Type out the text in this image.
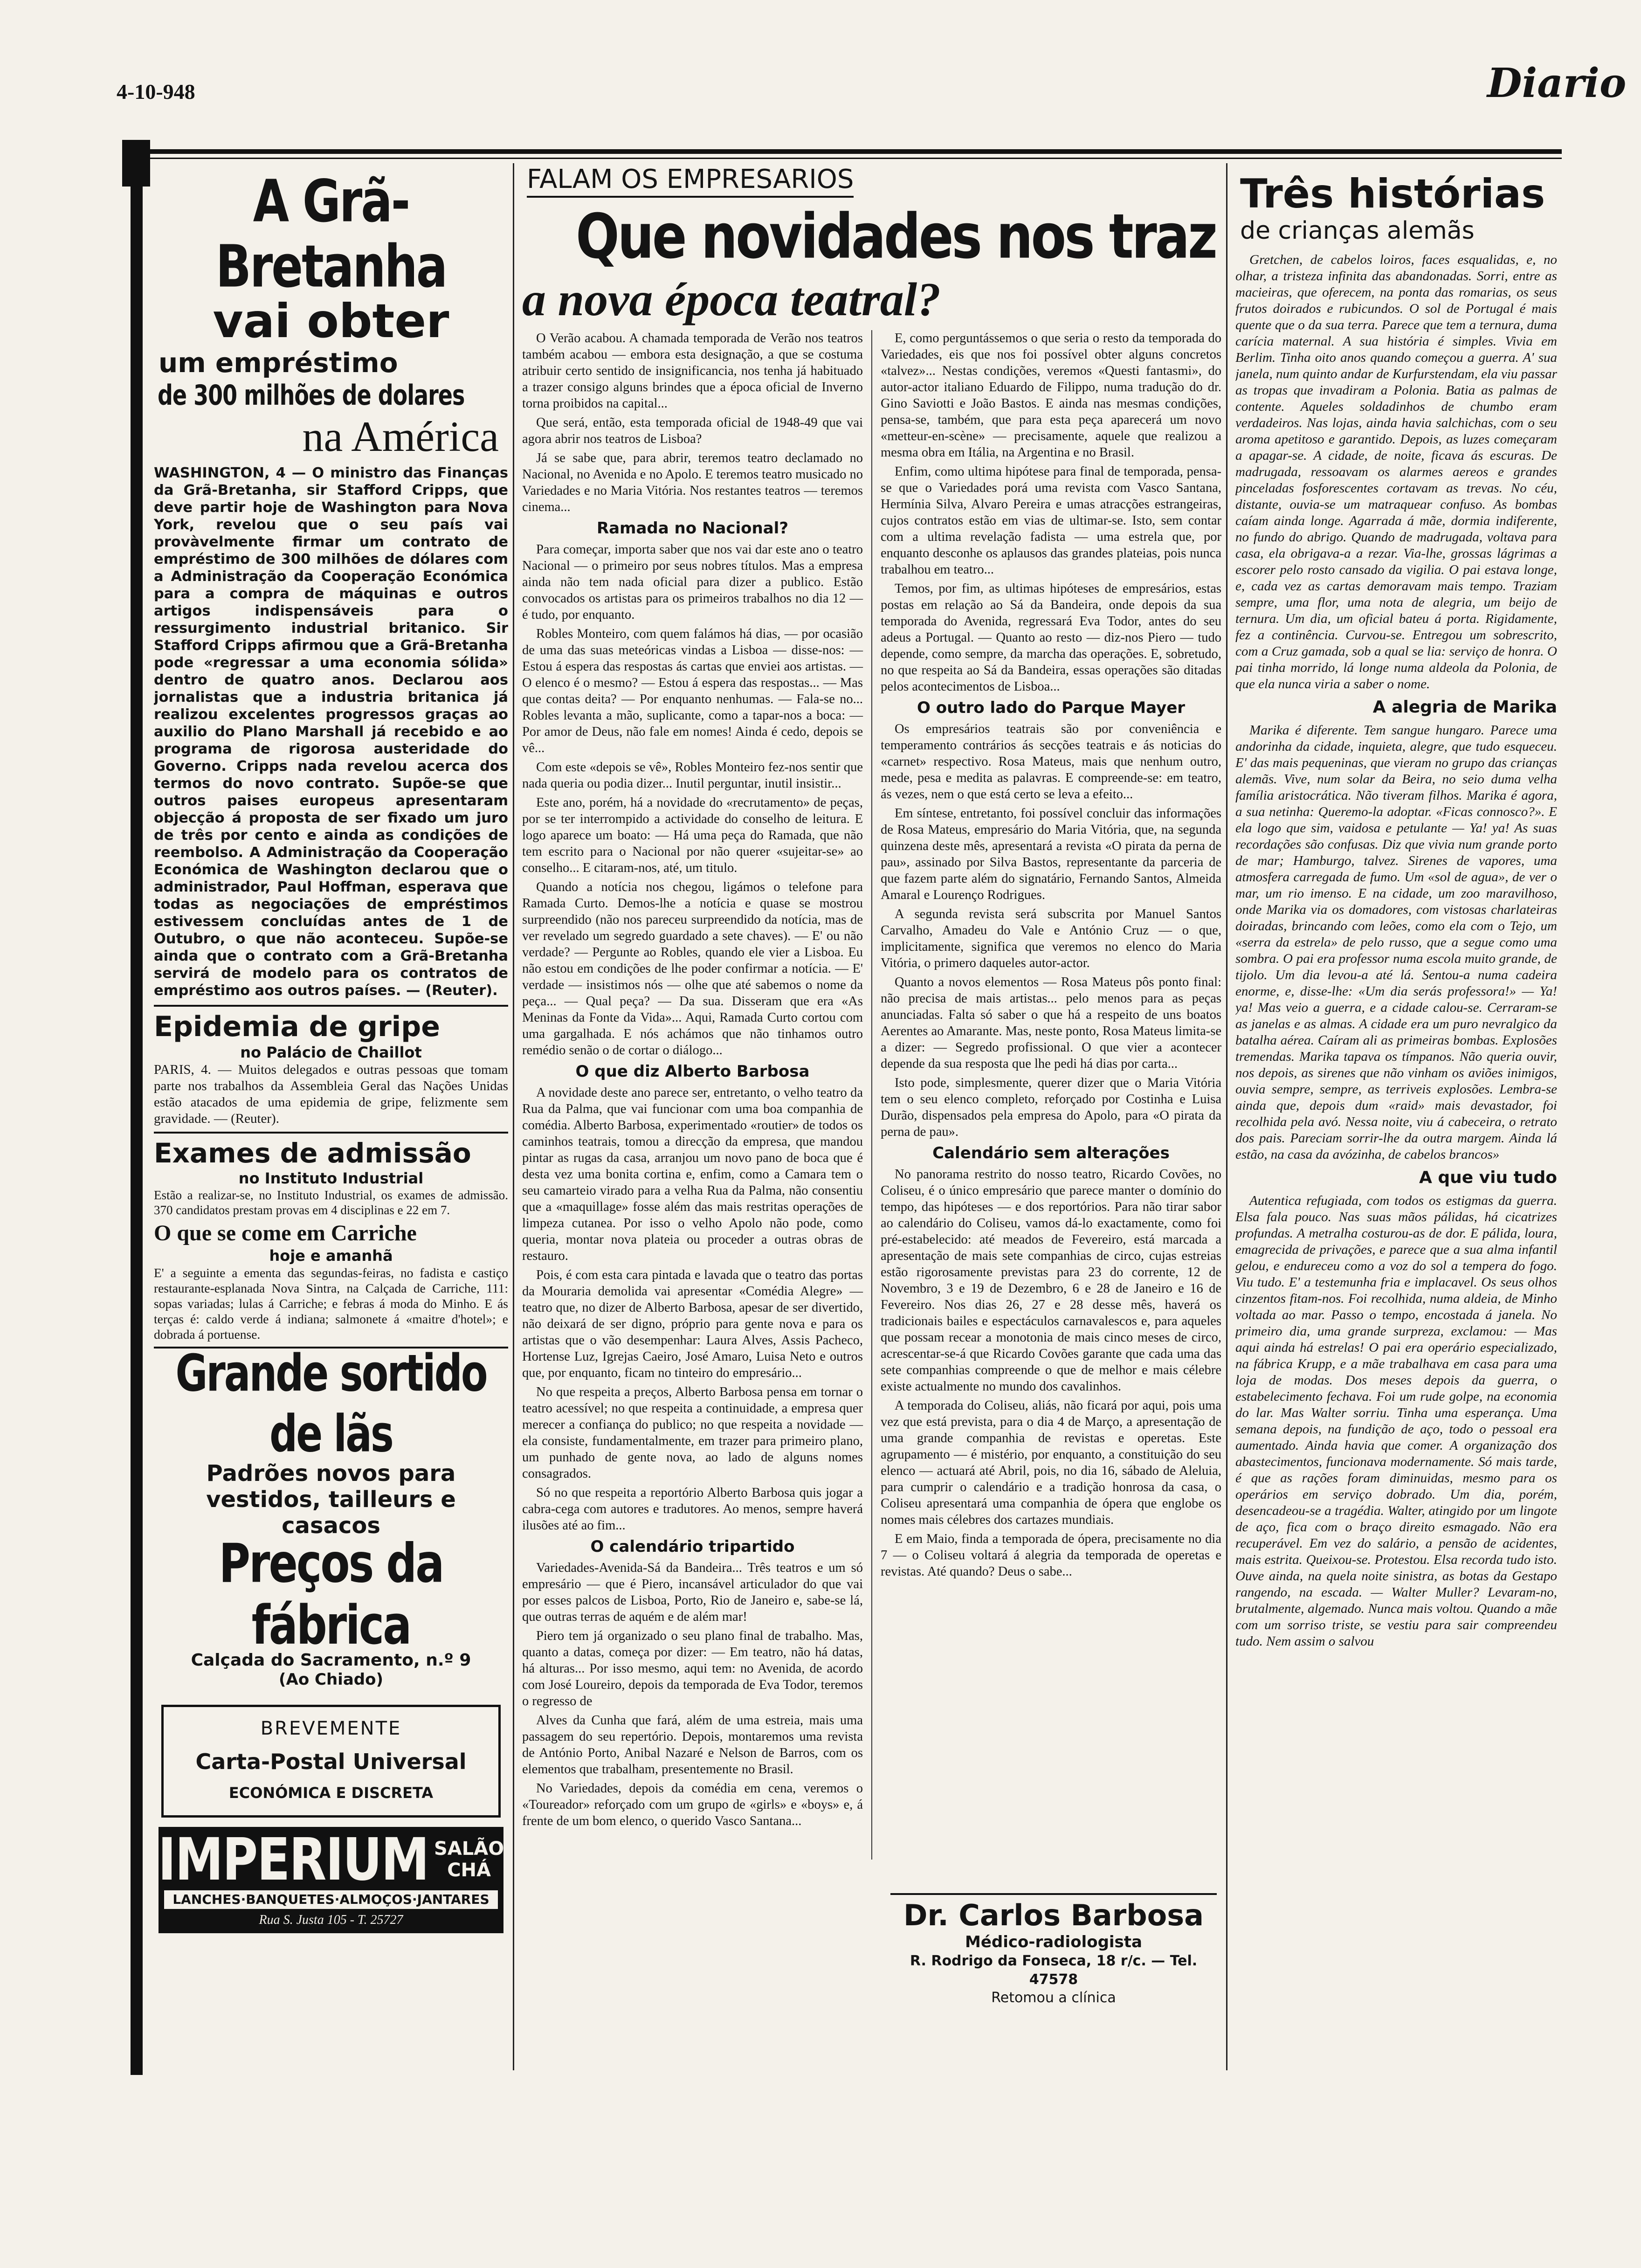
4-10-948	Diario
A Grã-Bretanha
vai obter
um empréstimo
de 300 milhões de dolares
na América

WASHINGTON, 4 — O ministro das Finanças da Grã-Bretanha, sir Stafford Cripps, que deve partir hoje de Washington para Nova York, revelou que o seu país vai provàvelmente firmar um contrato de empréstimo de 300 milhões de dólares com a Administração da Cooperação Económica para a compra de máquinas e outros artigos indispensáveis para o ressurgimento industrial britanico. Sir Stafford Cripps afirmou que a Grã-Bretanha pode «regressar a uma economia sólida» dentro de quatro anos. Declarou aos jornalistas que a industria britanica já realizou excelentes progressos graças ao auxilio do Plano Marshall já recebido e ao programa de rigorosa austeridade do Governo. Cripps nada revelou acerca dos termos do novo contrato. Supõe-se que outros paises europeus apresentaram objecção á proposta de ser fixado um juro de três por cento e ainda as condições de reembolso. A Administração da Cooperação Económica de Washington declarou que o administrador, Paul Hoffman, esperava que todas as negociações de empréstimos estivessem concluídas antes de 1 de Outubro, o que não aconteceu. Supõe-se ainda que o contrato com a Grã-Bretanha servirá de modelo para os contratos de empréstimo aos outros países. — (Reuter).

Epidemia de gripe
no Palácio de Chaillot

PARIS, 4. — Muitos delegados e outras pessoas que tomam parte nos trabalhos da Assembleia Geral das Nações Unidas estão atacados de uma epidemia de gripe, felizmente sem gravidade. — (Reuter).

Exames de admissão
no Instituto Industrial

Estão a realizar-se, no Instituto Industrial, os exames de admissão. 370 candidatos prestam provas em 4 disciplinas e 22 em 7.

O que se come em Carriche
hoje e amanhã

E' a seguinte a ementa das segundas-feiras, no fadista e castiço restaurante-esplanada Nova Sintra, na Calçada de Carriche, 111: sopas variadas; lulas á Carriche; e febras á moda do Minho. E ás terças é: caldo verde á indiana; salmonete á «maitre d'hotel»; e dobrada á portuense.

Grande sortido de lãs
Padrões novos para vestidos, tailleurs e casacos
Preços da fábrica
Calçada do Sacramento, n.º 9
(Ao Chiado)
BREVEMENTE
Carta-Postal Universal
ECONÓMICA E DISCRETA
IMPERIUM SALÃO
CHÁ
LANCHES·BANQUETES·ALMOÇOS·JANTARES
Rua S. Justa 105 - T. 25727
FALAM OS EMPRESARIOS
Que novidades nos traz
a nova época teatral?

O Verão acabou. A chamada temporada de Verão nos teatros também acabou — embora esta designação, a que se costuma atribuir certo sentido de insignificancia, nos tenha já habituado a trazer consigo alguns brindes que a época oficial de Inverno torna proibidos na capital...

Que será, então, esta temporada oficial de 1948-49 que vai agora abrir nos teatros de Lisboa?

Já se sabe que, para abrir, teremos teatro declamado no Nacional, no Avenida e no Apolo. E teremos teatro musicado no Variedades e no Maria Vitória. Nos restantes teatros — teremos cinema...

Ramada no Nacional?

Para começar, importa saber que nos vai dar este ano o teatro Nacional — o primeiro por seus nobres títulos. Mas a empresa ainda não tem nada oficial para dizer a publico. Estão convocados os artistas para os primeiros trabalhos no dia 12 — é tudo, por enquanto.

Robles Monteiro, com quem falámos há dias, — por ocasião de uma das suas meteóricas vindas a Lisboa — disse-nos: — Estou á espera das respostas ás cartas que enviei aos artistas. — O elenco é o mesmo? — Estou á espera das respostas... — Mas que contas deita? — Por enquanto nenhumas. — Fala-se no... Robles levanta a mão, suplicante, como a tapar-nos a boca: — Por amor de Deus, não fale em nomes! Ainda é cedo, depois se vê...

Com este «depois se vê», Robles Monteiro fez-nos sentir que nada queria ou podia dizer... Inutil perguntar, inutil insistir...

Este ano, porém, há a novidade do «recrutamento» de peças, por se ter interrompido a actividade do conselho de leitura. E logo aparece um boato: — Há uma peça do Ramada, que não tem escrito para o Nacional por não querer «sujeitar-se» ao conselho... E citaram-nos, até, um titulo.

Quando a notícia nos chegou, ligámos o telefone para Ramada Curto. Demos-lhe a notícia e quase se mostrou surpreendido (não nos pareceu surpreendido da notícia, mas de ver revelado um segredo guardado a sete chaves). — E' ou não verdade? — Pergunte ao Robles, quando ele vier a Lisboa. Eu não estou em condições de lhe poder confirmar a notícia. — E' verdade — insistimos nós — olhe que até sabemos o nome da peça... — Qual peça? — Da sua. Disseram que era «As Meninas da Fonte da Vida»... Aqui, Ramada Curto cortou com uma gargalhada. E nós achámos que não tinhamos outro remédio senão o de cortar o diálogo...

O que diz Alberto Barbosa

A novidade deste ano parece ser, entretanto, o velho teatro da Rua da Palma, que vai funcionar com uma boa companhia de comédia. Alberto Barbosa, experimentado «routier» de todos os caminhos teatrais, tomou a direcção da empresa, que mandou pintar as rugas da casa, arranjou um novo pano de boca que é desta vez uma bonita cortina e, enfim, como a Camara tem o seu camarteio virado para a velha Rua da Palma, não consentiu que a «maquillage» fosse além das mais restritas operações de limpeza cutanea. Por isso o velho Apolo não pode, como queria, montar nova plateia ou proceder a outras obras de restauro.

Pois, é com esta cara pintada e lavada que o teatro das portas da Mouraria demolida vai apresentar «Comédia Alegre» — teatro que, no dizer de Alberto Barbosa, apesar de ser divertido, não deixará de ser digno, próprio para gente nova e para os artistas que o vão desempenhar: Laura Alves, Assis Pacheco, Hortense Luz, Igrejas Caeiro, José Amaro, Luisa Neto e outros que, por enquanto, ficam no tinteiro do empresário...

No que respeita a preços, Alberto Barbosa pensa em tornar o teatro acessível; no que respeita a continuidade, a empresa quer merecer a confiança do publico; no que respeita a novidade — ela consiste, fundamentalmente, em trazer para primeiro plano, um punhado de gente nova, ao lado de alguns nomes consagrados.

Só no que respeita a reportório Alberto Barbosa quis jogar a cabra-cega com autores e tradutores. Ao menos, sempre haverá ilusões até ao fim...

O calendário tripartido

Variedades-Avenida-Sá da Bandeira... Três teatros e um só empresário — que é Piero, incansável articulador do que vai por esses palcos de Lisboa, Porto, Rio de Janeiro e, sabe-se lá, que outras terras de aquém e de além mar!

Piero tem já organizado o seu plano final de trabalho. Mas, quanto a datas, começa por dizer: — Em teatro, não há datas, há alturas... Por isso mesmo, aqui tem: no Avenida, de acordo com José Loureiro, depois da temporada de Eva Todor, teremos o regresso de

Alves da Cunha que fará, além de uma estreia, mais uma passagem do seu repertório. Depois, montaremos uma revista de António Porto, Anibal Nazaré e Nelson de Barros, com os elementos que trabalham, presentemente no Brasil.

No Variedades, depois da comédia em cena, veremos o «Toureador» reforçado com um grupo de «girls» e «boys» e, á frente de um bom elenco, o querido Vasco Santana...

E, como perguntássemos o que seria o resto da temporada do Variedades, eis que nos foi possível obter alguns concretos «talvez»... Nestas condições, veremos «Questi fantasmi», do autor-actor italiano Eduardo de Filippo, numa tradução do dr. Gino Saviotti e João Bastos. E ainda nas mesmas condições, pensa-se, também, que para esta peça aparecerá um novo «metteur-en-scène» — precisamente, aquele que realizou a mesma obra em Itália, na Argentina e no Brasil.

Enfim, como ultima hipótese para final de temporada, pensa-se que o Variedades porá uma revista com Vasco Santana, Hermínia Silva, Alvaro Pereira e umas atracções estrangeiras, cujos contratos estão em vias de ultimar-se. Isto, sem contar com a ultima revelação fadista — uma estrela que, por enquanto desconhe os aplausos das grandes plateias, pois nunca trabalhou em teatro...

Temos, por fim, as ultimas hipóteses de empresários, estas postas em relação ao Sá da Bandeira, onde depois da sua temporada do Avenida, regressará Eva Todor, antes do seu adeus a Portugal. — Quanto ao resto — diz-nos Piero — tudo depende, como sempre, da marcha das operações. E, sobretudo, no que respeita ao Sá da Bandeira, essas operações são ditadas pelos acontecimentos de Lisboa...

O outro lado do Parque Mayer

Os empresários teatrais são por conveniência e temperamento contrários ás secções teatrais e ás noticias do «carnet» respectivo. Rosa Mateus, mais que nenhum outro, mede, pesa e medita as palavras. E compreende-se: em teatro, ás vezes, nem o que está certo se leva a efeito...

Em síntese, entretanto, foi possível concluir das informações de Rosa Mateus, empresário do Maria Vitória, que, na segunda quinzena deste mês, apresentará a revista «O pirata da perna de pau», assinado por Silva Bastos, representante da parceria de que fazem parte além do signatário, Fernando Santos, Almeida Amaral e Lourenço Rodrigues.

A segunda revista será subscrita por Manuel Santos Carvalho, Amadeu do Vale e António Cruz — o que, implicitamente, significa que veremos no elenco do Maria Vitória, o primero daqueles autor-actor.

Quanto a novos elementos — Rosa Mateus pôs ponto final: não precisa de mais artistas... pelo menos para as peças anunciadas. Falta só saber o que há a respeito de uns boatos Aerentes ao Amarante. Mas, neste ponto, Rosa Mateus limita-se a dizer: — Segredo profissional. O que vier a acontecer depende da sua resposta que lhe pedi há dias por carta...

Isto pode, simplesmente, querer dizer que o Maria Vitória tem o seu elenco completo, reforçado por Costinha e Luisa Durão, dispensados pela empresa do Apolo, para «O pirata da perna de pau».

Calendário sem alterações

No panorama restrito do nosso teatro, Ricardo Covões, no Coliseu, é o único empresário que parece manter o domínio do tempo, das hipóteses — e dos reportórios. Para não tirar sabor ao calendário do Coliseu, vamos dá-lo exactamente, como foi pré-estabelecido: até meados de Fevereiro, está marcada a apresentação de mais sete companhias de circo, cujas estreias estão rigorosamente previstas para 23 do corrente, 12 de Novembro, 3 e 19 de Dezembro, 6 e 28 de Janeiro e 16 de Fevereiro. Nos dias 26, 27 e 28 desse mês, haverá os tradicionais bailes e espectáculos carnavalescos e, para aqueles que possam recear a monotonia de mais cinco meses de circo, acrescentar-se-á que Ricardo Covões garante que cada uma das sete companhias compreende o que de melhor e mais célebre existe actualmente no mundo dos cavalinhos.

A temporada do Coliseu, aliás, não ficará por aqui, pois uma vez que está prevista, para o dia 4 de Março, a apresentação de uma grande companhia de revistas e operetas. Este agrupamento — é mistério, por enquanto, a constituição do seu elenco — actuará até Abril, pois, no dia 16, sábado de Aleluia, para cumprir o calendário e a tradição honrosa da casa, o Coliseu apresentará uma companhia de ópera que englobe os nomes mais célebres dos cartazes mundiais.

E em Maio, finda a temporada de ópera, precisamente no dia 7 — o Coliseu voltará á alegria da temporada de operetas e revistas. Até quando? Deus o sabe...

Dr. Carlos Barbosa
Médico-radiologista
R. Rodrigo da Fonseca, 18 r/c. — Tel. 47578
Retomou a clínica
Três histórias
de crianças alemãs

Gretchen, de cabelos loiros, faces esqualidas, e, no olhar, a tristeza infinita das abandonadas. Sorri, entre as macieiras, que oferecem, na ponta das romarias, os seus frutos doirados e rubicundos. O sol de Portugal é mais quente que o da sua terra. Parece que tem a ternura, duma carícia maternal. A sua história é simples. Vivia em Berlim. Tinha oito anos quando começou a guerra. A' sua janela, num quinto andar de Kurfurstendam, ela viu passar as tropas que invadiram a Polonia. Batia as palmas de contente. Aqueles soldadinhos de chumbo eram verdadeiros. Nas lojas, ainda havia salchichas, com o seu aroma apetitoso e garantido. Depois, as luzes começaram a apagar-se. A cidade, de noite, ficava ás escuras. De madrugada, ressoavam os alarmes aereos e grandes pinceladas fosforescentes cortavam as trevas. No céu, distante, ouvia-se um matraquear confuso. As bombas caíam ainda longe. Agarrada á mãe, dormia indiferente, no fundo do abrigo. Quando de madrugada, voltava para casa, ela obrigava-a a rezar. Via-lhe, grossas lágrimas a escorer pelo rosto cansado da vigilia. O pai estava longe, e, cada vez as cartas demoravam mais tempo. Traziam sempre, uma flor, uma nota de alegria, um beijo de ternura. Um dia, um oficial bateu á porta. Rigidamente, fez a continência. Curvou-se. Entregou um sobrescrito, com a Cruz gamada, sob a qual se lia: serviço de honra. O pai tinha morrido, lá longe numa aldeola da Polonia, de que ela nunca viria a saber o nome.

A alegria de Marika

Marika é diferente. Tem sangue hungaro. Parece uma andorinha da cidade, inquieta, alegre, que tudo esqueceu. E' das mais pequeninas, que vieram no grupo das crianças alemãs. Vive, num solar da Beira, no seio duma velha família aristocrática. Não tiveram filhos. Marika é agora, a sua netinha: Queremo-la adoptar. «Ficas connosco?». E ela logo que sim, vaidosa e petulante — Ya! ya! As suas recordações são confusas. Diz que vivia num grande porto de mar; Hamburgo, talvez. Sirenes de vapores, uma atmosfera carregada de fumo. Um «sol de agua», de ver o mar, um rio imenso. E na cidade, um zoo maravilhoso, onde Marika via os domadores, com vistosas charlateiras doiradas, brincando com leões, como ela com o Tejo, um «serra da estrela» de pelo russo, que a segue como uma sombra. O pai era professor numa escola muito grande, de tijolo. Um dia levou-a até lá. Sentou-a numa cadeira enorme, e, disse-lhe: «Um dia serás professora!» — Ya! ya! Mas veio a guerra, e a cidade calou-se. Cerraram-se as janelas e as almas. A cidade era um puro nevralgico da batalha aérea. Caíram ali as primeiras bombas. Explosões tremendas. Marika tapava os tímpanos. Não queria ouvir, nos depois, as sirenes que não vinham os aviões inimigos, ouvia sempre, sempre, as terriveis explosões. Lembra-se ainda que, depois dum «raid» mais devastador, foi recolhida pela avó. Nessa noite, viu á cabeceira, o retrato dos pais. Pareciam sorrir-lhe da outra margem. Ainda lá estão, na casa da avózinha, de cabelos brancos»

A que viu tudo

Autentica refugiada, com todos os estigmas da guerra. Elsa fala pouco. Nas suas mãos pálidas, há cicatrizes profundas. A metralha costurou-as de dor. E pálida, loura, emagrecida de privações, e parece que a sua alma infantil gelou, e endureceu como a voz do sol a tempera do fogo. Viu tudo. E' a testemunha fria e implacavel. Os seus olhos cinzentos fitam-nos. Foi recolhida, numa aldeia, de Minho voltada ao mar. Passo o tempo, encostada á janela. No primeiro dia, uma grande surpreza, exclamou: — Mas aqui ainda há estrelas! O pai era operário especializado, na fábrica Krupp, e a mãe trabalhava em casa para uma loja de modas. Dos meses depois da guerra, o estabelecimento fechava. Foi um rude golpe, na economia do lar. Mas Walter sorriu. Tinha uma esperança. Uma semana depois, na fundição de aço, todo o pessoal era aumentado. Ainda havia que comer. A organização dos abastecimentos, funcionava modernamente. Só mais tarde, é que as rações foram diminuidas, mesmo para os operários em serviço dobrado. Um dia, porém, desencadeou-se a tragédia. Walter, atingido por um lingote de aço, fica com o braço direito esmagado. Não era recuperável. Em vez do salário, a pensão de acidentes, mais estrita. Queixou-se. Protestou. Elsa recorda tudo isto. Ouve ainda, na quela noite sinistra, as botas da Gestapo rangendo, na escada. — Walter Muller? Levaram-no, brutalmente, algemado. Nunca mais voltou. Quando a mãe com um sorriso triste, se vestiu para sair compreendeu tudo. Nem assim o salvou
